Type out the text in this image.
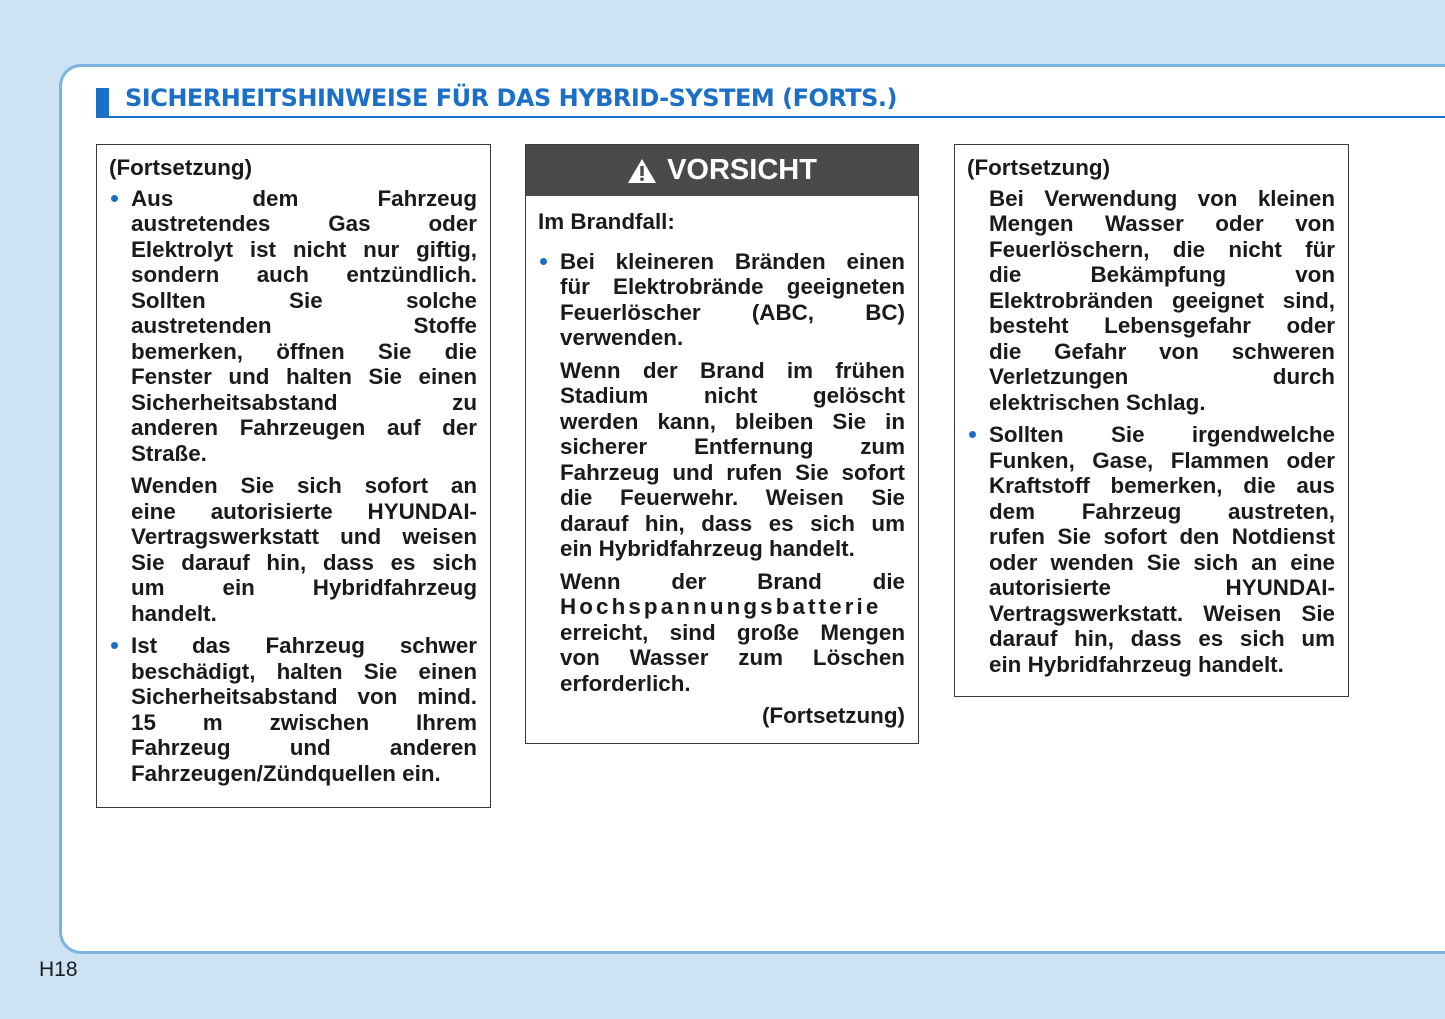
SICHERHEITSHINWEISE FÜR DAS HYBRID-SYSTEM (FORTS.)
(Fortsetzung)

Aus dem Fahrzeug

austretendes Gas oder

Elektrolyt ist nicht nur giftig,

sondern auch entzündlich.

Sollten Sie solche

austretenden Stoffe

bemerken, öffnen Sie die

Fenster und halten Sie einen

Sicherheitsabstand zu

anderen Fahrzeugen auf der

Straße.

Wenden Sie sich sofort an

eine autorisierte HYUNDAI-

Vertragswerkstatt und weisen

Sie darauf hin, dass es sich

um ein Hybridfahrzeug

handelt.

Ist das Fahrzeug schwer

beschädigt, halten Sie einen

Sicherheitsabstand von mind.

15 m zwischen Ihrem

Fahrzeug und anderen

Fahrzeugen/Zündquellen ein.

VORSICHT
Im Brandfall:

Bei kleineren Bränden einen

für Elektrobrände geeigneten

Feuerlöscher (ABC, BC)

verwenden.

Wenn der Brand im frühen

Stadium nicht gelöscht

werden kann, bleiben Sie in

sicherer Entfernung zum

Fahrzeug und rufen Sie sofort

die Feuerwehr. Weisen Sie

darauf hin, dass es sich um

ein Hybridfahrzeug handelt.

Wenn der Brand die

Hochspannungsbatterie

erreicht, sind große Mengen

von Wasser zum Löschen

erforderlich.

(Fortsetzung)
(Fortsetzung)

Bei Verwendung von kleinen

Mengen Wasser oder von

Feuerlöschern, die nicht für

die Bekämpfung von

Elektrobränden geeignet sind,

besteht Lebensgefahr oder

die Gefahr von schweren

Verletzungen durch

elektrischen Schlag.

Sollten Sie irgendwelche

Funken, Gase, Flammen oder

Kraftstoff bemerken, die aus

dem Fahrzeug austreten,

rufen Sie sofort den Notdienst

oder wenden Sie sich an eine

autorisierte HYUNDAI-

Vertragswerkstatt. Weisen Sie

darauf hin, dass es sich um

ein Hybridfahrzeug handelt.

H18
